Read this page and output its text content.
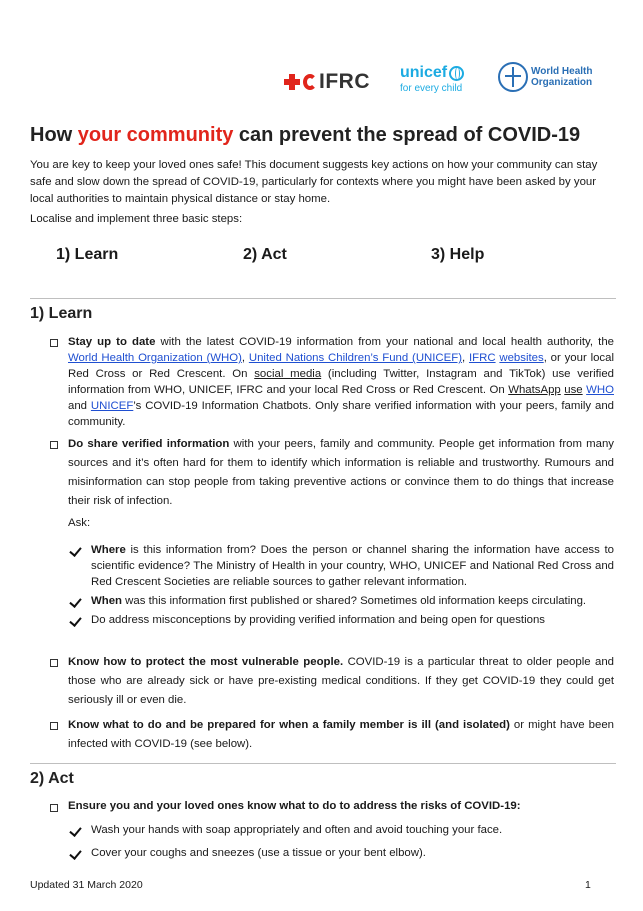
IFRC unicef
for every child
World Health
Organization
How your community can prevent the spread of COVID-19

You are key to keep your loved ones safe! This document suggests key actions on how your community can stay safe and slow down the spread of COVID-19, particularly for contexts where you might have been asked by your local authorities to maintain physical distance or stay home.

Localise and implement three basic steps:

1) Learn	2) Act	3) Help
1) Learn

Stay up to date with the latest COVID-19 information from your national and local health authority, the World Health Organization (WHO), United Nations Children’s Fund (UNICEF), IFRC websites, or your local Red Cross or Red Crescent. On social media (including Twitter, Instagram and TikTok) use verified information from WHO, UNICEF, IFRC and your local Red Cross or Red Crescent. On WhatsApp use WHO and UNICEF’s COVID-19 Information Chatbots. Only share verified information with your peers, family and community.

Do share verified information with your peers, family and community. People get information from many sources and it’s often hard for them to identify which information is reliable and trustworthy. Rumours and misinformation can stop people from taking preventive actions or convince them to do things that increase their risk of infection.

Ask:

Where is this information from? Does the person or channel sharing the information have access to scientific evidence? The Ministry of Health in your country, WHO, UNICEF and National Red Cross and Red Crescent Societies are reliable sources to gather relevant information.

When was this information first published or shared? Sometimes old information keeps circulating.

Do address misconceptions by providing verified information and being open for questions

Know how to protect the most vulnerable people. COVID-19 is a particular threat to older people and those who are already sick or have pre-existing medical conditions. If they get COVID-19 they could get seriously ill or even die.

Know what to do and be prepared for when a family member is ill (and isolated) or might have been infected with COVID-19 (see below).

2) Act

Ensure you and your loved ones know what to do to address the risks of COVID-19:

Wash your hands with soap appropriately and often and avoid touching your face.

Cover your coughs and sneezes (use a tissue or your bent elbow).

Updated 31 March 2020	1
